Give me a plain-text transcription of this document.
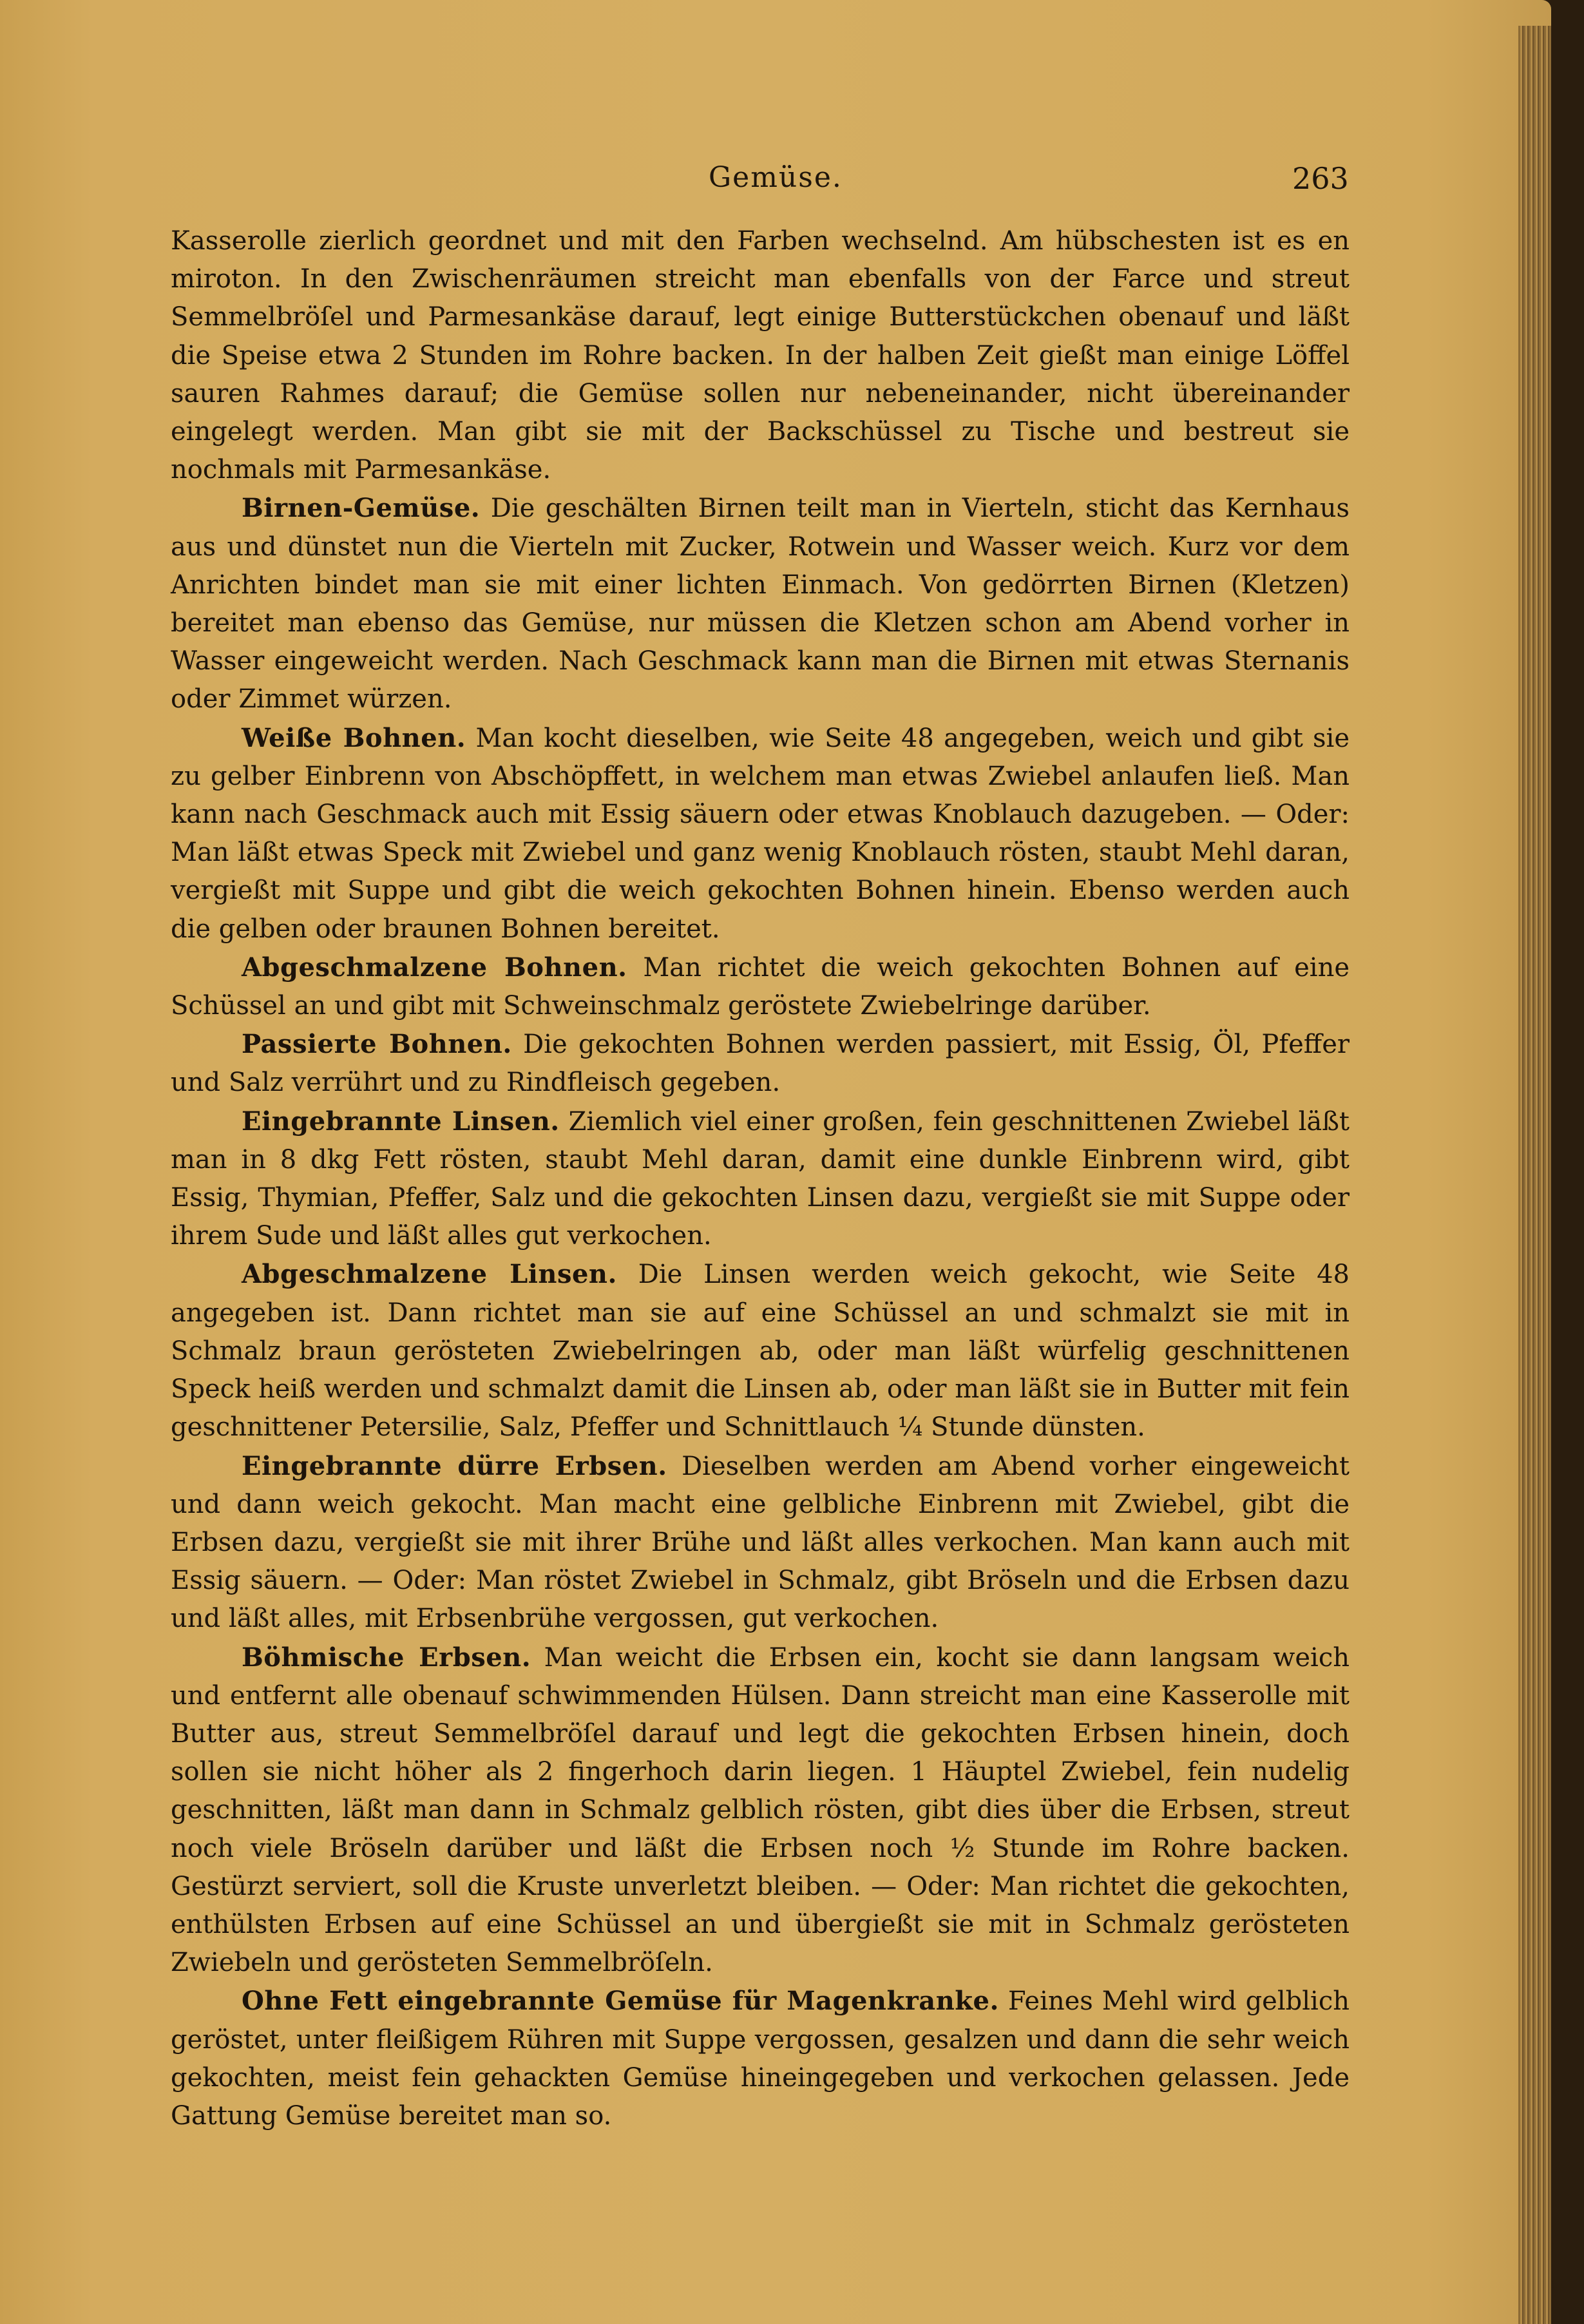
Gemüse.	263

Kasserolle zierlich geordnet und mit den Farben wechselnd. Am hübschesten ist es en miroton. In den Zwischenräumen streicht man ebenfalls von der Farce und streut Semmelbröſel und Parmesankäse darauf, legt einige Butterstückchen obenauf und läßt die Speise etwa 2 Stunden im Rohre backen. In der halben Zeit gießt man einige Löffel sauren Rahmes darauf; die Gemüse sollen nur nebeneinander, nicht übereinander eingelegt werden. Man gibt sie mit der Backschüssel zu Tische und bestreut sie nochmals mit Parmesankäse.

Birnen-Gemüse. Die geschälten Birnen teilt man in Vierteln, sticht das Kernhaus aus und dünstet nun die Vierteln mit Zucker, Rotwein und Wasser weich. Kurz vor dem Anrichten bindet man sie mit einer lichten Einmach. Von gedörrten Birnen (Kletzen) bereitet man ebenso das Gemüse, nur müssen die Kletzen schon am Abend vorher in Wasser eingeweicht werden. Nach Geschmack kann man die Birnen mit etwas Sternanis oder Zimmet würzen.

Weiße Bohnen. Man kocht dieselben, wie Seite 48 angegeben, weich und gibt sie zu gelber Einbrenn von Abschöpffett, in welchem man etwas Zwiebel anlaufen ließ. Man kann nach Geschmack auch mit Essig säuern oder etwas Knoblauch dazugeben. — Oder: Man läßt etwas Speck mit Zwiebel und ganz wenig Knoblauch rösten, staubt Mehl daran, vergießt mit Suppe und gibt die weich gekochten Bohnen hinein. Ebenso werden auch die gelben oder braunen Bohnen bereitet.

Abgeschmalzene Bohnen. Man richtet die weich gekochten Bohnen auf eine Schüssel an und gibt mit Schweinschmalz geröstete Zwiebelringe darüber.

Passierte Bohnen. Die gekochten Bohnen werden passiert, mit Essig, Öl, Pfeffer und Salz verrührt und zu Rindfleisch gegeben.

Eingebrannte Linsen. Ziemlich viel einer großen, fein geschnittenen Zwiebel läßt man in 8 dkg Fett rösten, staubt Mehl daran, damit eine dunkle Einbrenn wird, gibt Essig, Thymian, Pfeffer, Salz und die gekochten Linsen dazu, vergießt sie mit Suppe oder ihrem Sude und läßt alles gut verkochen.

Abgeschmalzene Linsen. Die Linsen werden weich gekocht, wie Seite 48 angegeben ist. Dann richtet man sie auf eine Schüssel an und schmalzt sie mit in Schmalz braun gerösteten Zwiebelringen ab, oder man läßt würfelig geschnittenen Speck heiß werden und schmalzt damit die Linsen ab, oder man läßt sie in Butter mit fein geschnittener Petersilie, Salz, Pfeffer und Schnittlauch ¼ Stunde dünsten.

Eingebrannte dürre Erbsen. Dieselben werden am Abend vorher eingeweicht und dann weich gekocht. Man macht eine gelbliche Einbrenn mit Zwiebel, gibt die Erbsen dazu, vergießt sie mit ihrer Brühe und läßt alles verkochen. Man kann auch mit Essig säuern. — Oder: Man röstet Zwiebel in Schmalz, gibt Bröseln und die Erbsen dazu und läßt alles, mit Erbsenbrühe vergossen, gut verkochen.

Böhmische Erbsen. Man weicht die Erbsen ein, kocht sie dann langsam weich und entfernt alle obenauf schwimmenden Hülsen. Dann streicht man eine Kasserolle mit Butter aus, streut Semmelbröſel darauf und legt die gekochten Erbsen hinein, doch sollen sie nicht höher als 2 fingerhoch darin liegen. 1 Häuptel Zwiebel, fein nudelig geschnitten, läßt man dann in Schmalz gelblich rösten, gibt dies über die Erbsen, streut noch viele Bröseln darüber und läßt die Erbsen noch ½ Stunde im Rohre backen. Gestürzt serviert, soll die Kruste unverletzt bleiben. — Oder: Man richtet die gekochten, enthülsten Erbsen auf eine Schüssel an und übergießt sie mit in Schmalz gerösteten Zwiebeln und gerösteten Semmelbröſeln.

Ohne Fett eingebrannte Gemüse für Magenkranke. Feines Mehl wird gelblich geröstet, unter fleißigem Rühren mit Suppe vergossen, gesalzen und dann die sehr weich gekochten, meist fein gehackten Gemüse hineingegeben und verkochen gelassen. Jede Gattung Gemüse bereitet man so.
